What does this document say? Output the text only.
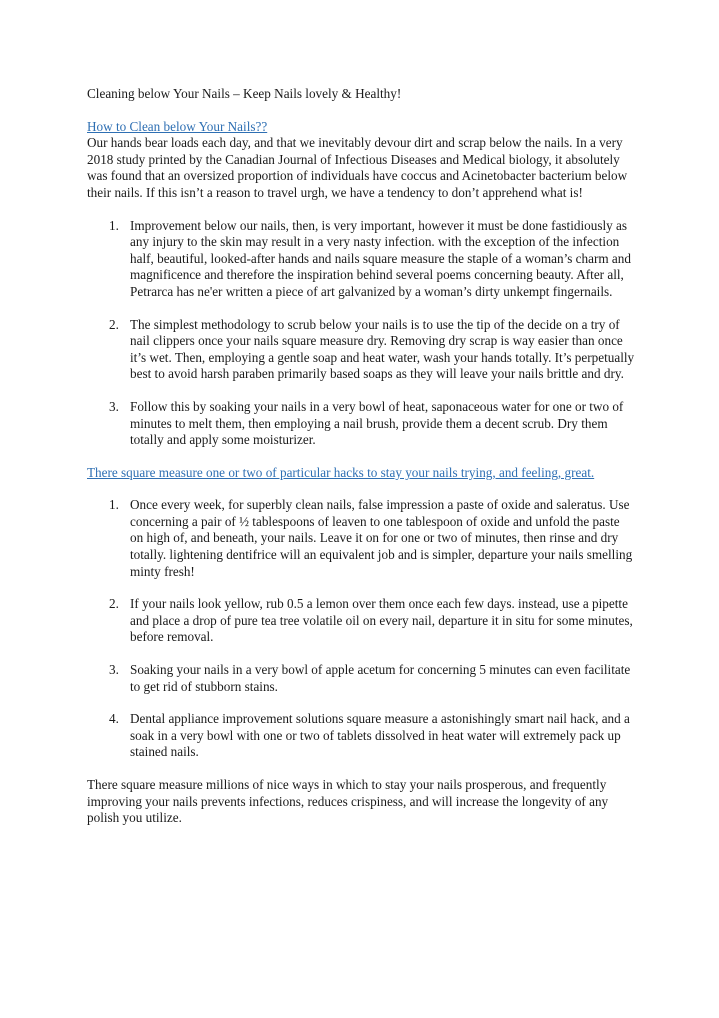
Cleaning below Your Nails – Keep Nails lovely & Healthy!

How to Clean below Your Nails??

Our hands bear loads each day, and that we inevitably devour dirt and scrap below the nails. In a very 2018 study printed by the Canadian Journal of Infectious Diseases and Medical biology, it absolutely was found that an oversized proportion of individuals have coccus and Acinetobacter bacterium below their nails. If this isn’t a reason to travel urgh, we have a tendency to don’t apprehend what is!

1. Improvement below our nails, then, is very important, however it must be done fastidiously as any injury to the skin may result in a very nasty infection. with the exception of the infection half, beautiful, looked-after hands and nails square measure the staple of a woman’s charm and magnificence and therefore the inspiration behind several poems concerning beauty. After all, Petrarca has ne'er written a piece of art galvanized by a woman’s dirty unkempt fingernails.
2. The simplest methodology to scrub below your nails is to use the tip of the decide on a try of nail clippers once your nails square measure dry. Removing dry scrap is way easier than once it’s wet. Then, employing a gentle soap and heat water, wash your hands totally. It’s perpetually best to avoid harsh paraben primarily based soaps as they will leave your nails brittle and dry.
3. Follow this by soaking your nails in a very bowl of heat, saponaceous water for one or two of minutes to melt them, then employing a nail brush, provide them a decent scrub. Dry them totally and apply some moisturizer.
There square measure one or two of particular hacks to stay your nails trying, and feeling, great.
1. Once every week, for superbly clean nails, false impression a paste of oxide and saleratus. Use concerning a pair of ½ tablespoons of leaven to one tablespoon of oxide and unfold the paste on high of, and beneath, your nails. Leave it on for one or two of minutes, then rinse and dry totally. lightening dentifrice will an equivalent job and is simpler, departure your nails smelling minty fresh!
2. If your nails look yellow, rub 0.5 a lemon over them once each few days. instead, use a pipette and place a drop of pure tea tree volatile oil on every nail, departure it in situ for some minutes, before removal.
3. Soaking your nails in a very bowl of apple acetum for concerning 5 minutes can even facilitate to get rid of stubborn stains.
4. Dental appliance improvement solutions square measure a astonishingly smart nail hack, and a soak in a very bowl with one or two of tablets dissolved in heat water will extremely pack up stained nails.

There square measure millions of nice ways in which to stay your nails prosperous, and frequently improving your nails prevents infections, reduces crispiness, and will increase the longevity of any polish you utilize.
